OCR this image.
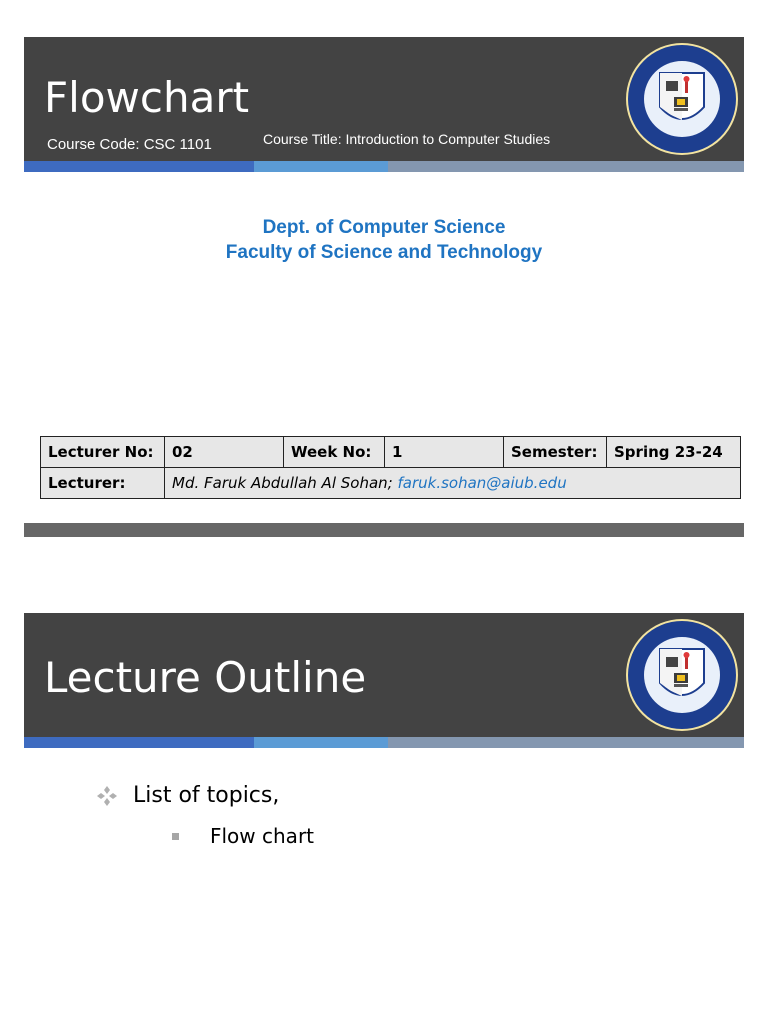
Flowchart
Course Code: CSC 1101	Course Title: Introduction to Computer Studies
Dept. of Computer Science
Faculty of Science and Technology
Lecturer No:	02	Week No:	1	Semester:	Spring 23-24
Lecturer:	Md. Faruk Abdullah Al Sohan; faruk.sohan@aiub.edu				
Lecture Outline
List of topics,
Flow chart
